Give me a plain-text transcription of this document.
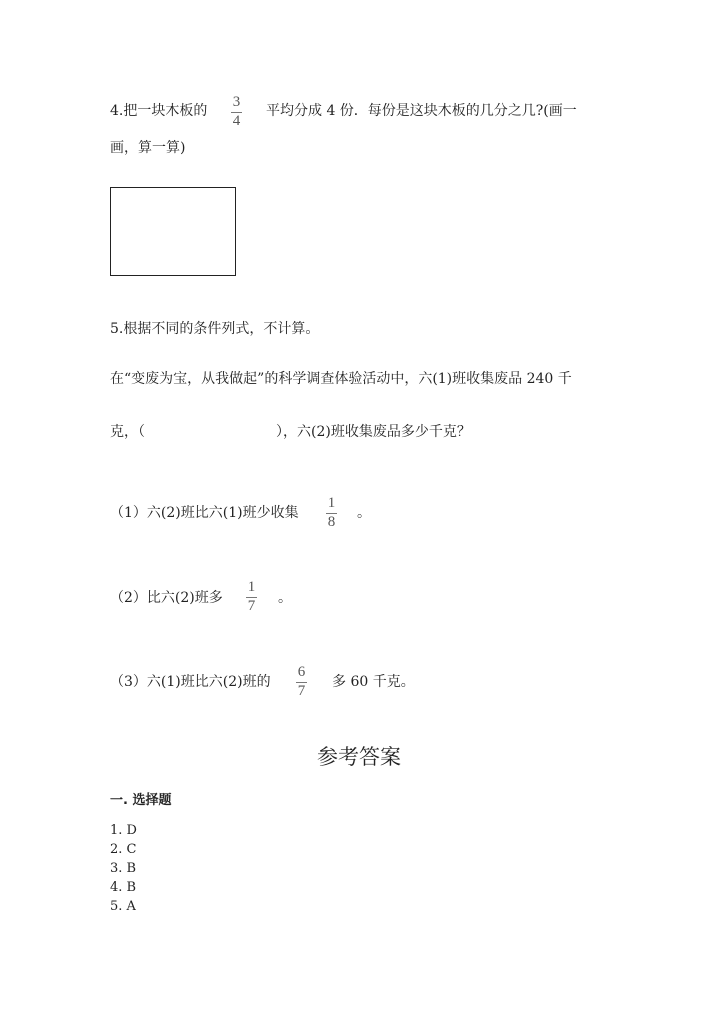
4.把一块木板的
3
4
平均分成 4 份．每份是这块木板的几分之几?(画一
画，算一算)
5.根据不同的条件列式，不计算。
在“变废为宝，从我做起”的科学调查体验活动中，六(1)班收集废品 240 千
克，（	），六(2)班收集废品多少千克？
（1）六(2)班比六(1)班少收集
1
8
。
（2）比六(2)班多
1
7 。
（3）六(1)班比六(2)班的
6
7
多 60 千克。
参考答案
一. 选择题
1. D
2. C
3. B
4. B
5. A
